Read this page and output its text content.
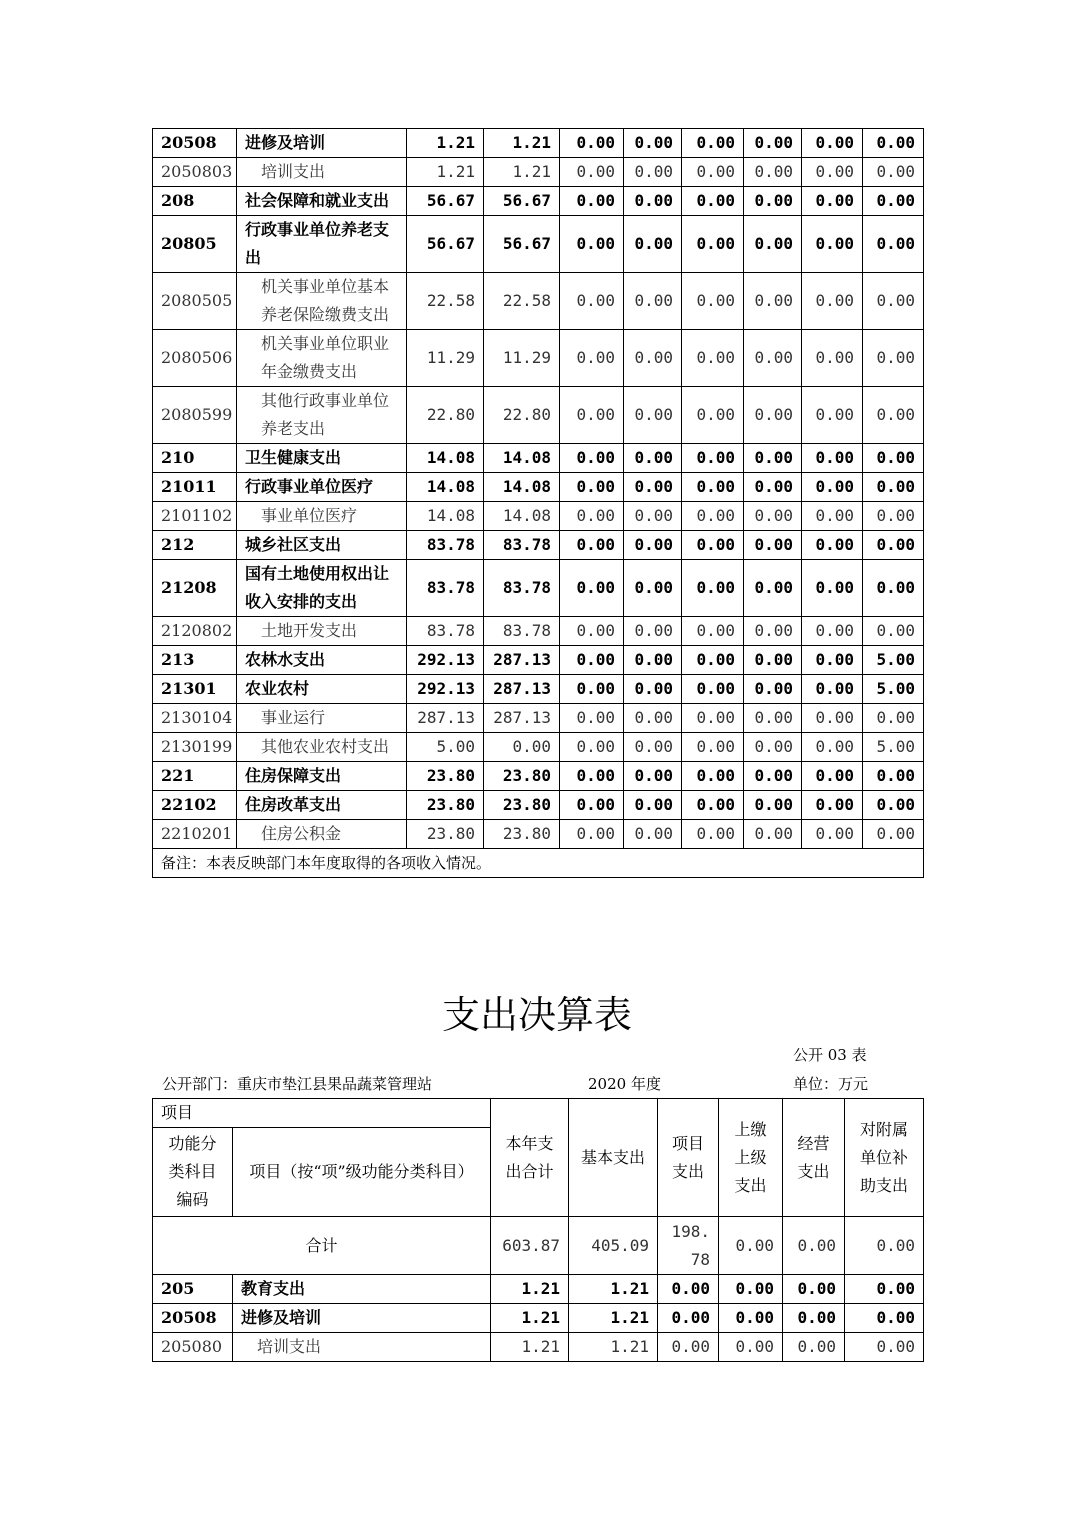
20508	进修及培训	1.21	1.21	0.00	0.00	0.00	0.00	0.00	0.00
2050803	培训支出	1.21	1.21	0.00	0.00	0.00	0.00	0.00	0.00
208	社会保障和就业支出	56.67	56.67	0.00	0.00	0.00	0.00	0.00	0.00
20805	行政事业单位养老支出	56.67	56.67	0.00	0.00	0.00	0.00	0.00	0.00
2080505	机关事业单位基本养老保险缴费支出	22.58	22.58	0.00	0.00	0.00	0.00	0.00	0.00
2080506	机关事业单位职业年金缴费支出	11.29	11.29	0.00	0.00	0.00	0.00	0.00	0.00
2080599	其他行政事业单位养老支出	22.80	22.80	0.00	0.00	0.00	0.00	0.00	0.00
210	卫生健康支出	14.08	14.08	0.00	0.00	0.00	0.00	0.00	0.00
21011	行政事业单位医疗	14.08	14.08	0.00	0.00	0.00	0.00	0.00	0.00
2101102	事业单位医疗	14.08	14.08	0.00	0.00	0.00	0.00	0.00	0.00
212	城乡社区支出	83.78	83.78	0.00	0.00	0.00	0.00	0.00	0.00
21208	国有土地使用权出让收入安排的支出	83.78	83.78	0.00	0.00	0.00	0.00	0.00	0.00
2120802	土地开发支出	83.78	83.78	0.00	0.00	0.00	0.00	0.00	0.00
213	农林水支出	292.13	287.13	0.00	0.00	0.00	0.00	0.00	5.00
21301	农业农村	292.13	287.13	0.00	0.00	0.00	0.00	0.00	5.00
2130104	事业运行	287.13	287.13	0.00	0.00	0.00	0.00	0.00	0.00
2130199	其他农业农村支出	5.00	0.00	0.00	0.00	0.00	0.00	0.00	5.00
221	住房保障支出	23.80	23.80	0.00	0.00	0.00	0.00	0.00	0.00
22102	住房改革支出	23.80	23.80	0.00	0.00	0.00	0.00	0.00	0.00
2210201	住房公积金	23.80	23.80	0.00	0.00	0.00	0.00	0.00	0.00
备注：本表反映部门本年度取得的各项收入情况。									
支出决算表
公开 03 表
公开部门：重庆市垫江县果品蔬菜管理站	2020 年度	单位：万元
项目		本年支出合计	基本支出	项目支出	上缴上级支出	经营支出	对附属单位补助支出
功能分类科目编码	项目（按“项”级功能分类科目）						
合计		603.87	405.09	198.78	0.00	0.00	0.00
205	教育支出	1.21	1.21	0.00	0.00	0.00	0.00
20508	进修及培训	1.21	1.21	0.00	0.00	0.00	0.00
205080	培训支出	1.21	1.21	0.00	0.00	0.00	0.00
